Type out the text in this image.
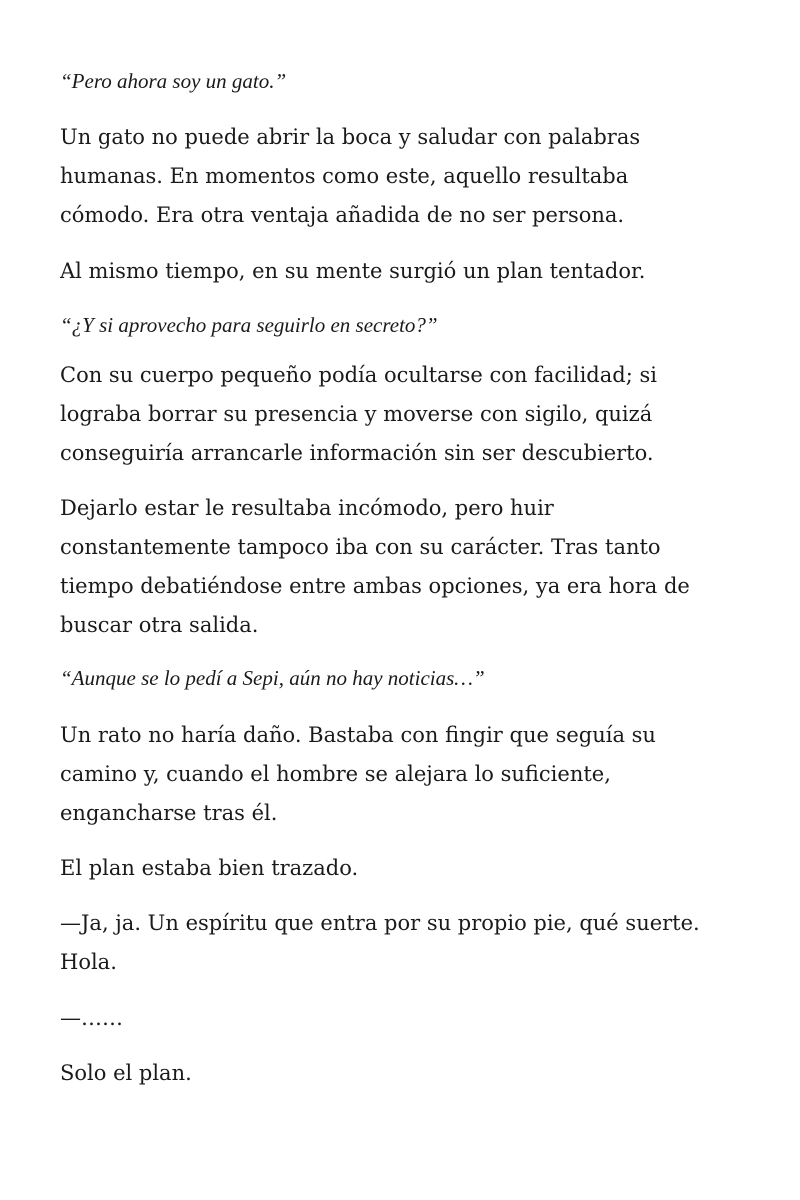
“Pero ahora soy un gato.”

Un gato no puede abrir la boca y saludar con palabras
humanas. En momentos como este, aquello resultaba
cómodo. Era otra ventaja añadida de no ser persona.

Al mismo tiempo, en su mente surgió un plan tentador.

“¿Y si aprovecho para seguirlo en secreto?”

Con su cuerpo pequeño podía ocultarse con facilidad; si
lograba borrar su presencia y moverse con sigilo, quizá
conseguiría arrancarle información sin ser descubierto.

Dejarlo estar le resultaba incómodo, pero huir
constantemente tampoco iba con su carácter. Tras tanto
tiempo debatiéndose entre ambas opciones, ya era hora de
buscar otra salida.

“Aunque se lo pedí a Sepi, aún no hay noticias…”

Un rato no haría daño. Bastaba con fingir que seguía su
camino y, cuando el hombre se alejara lo suficiente,
engancharse tras él.

El plan estaba bien trazado.

—Ja, ja. Un espíritu que entra por su propio pie, qué suerte.
Hola.

—……

Solo el plan.
